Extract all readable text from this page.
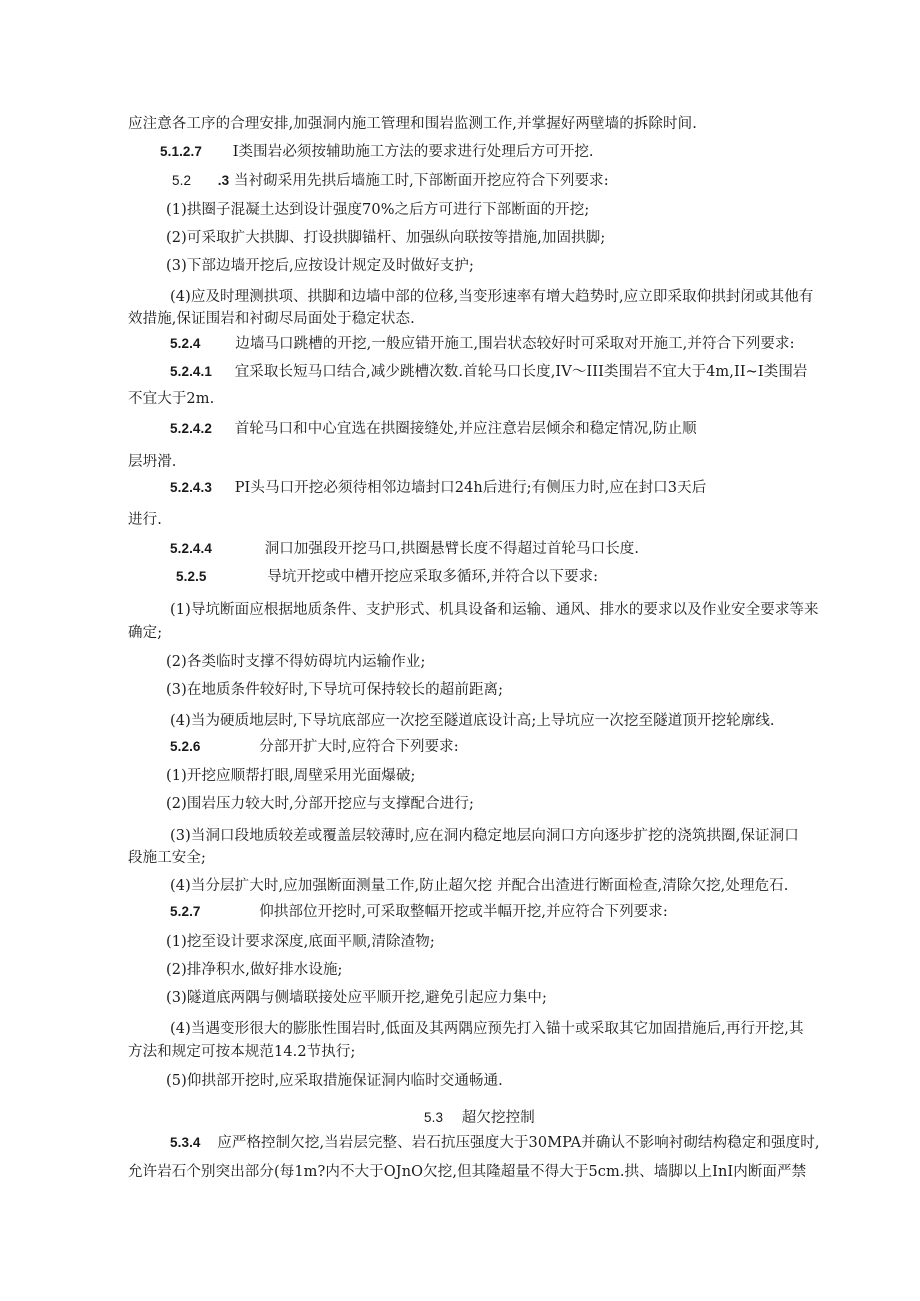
应注意各工序的合理安排,加强洞内施工管理和围岩监测工作,并掌握好两壁墙的拆除时间.
5.1.2.7 I类围岩必须按辅助施工方法的要求进行处理后方可开挖.
5.2 .3 当衬砌采用先拱后墙施工时,下部断面开挖应符合下列要求:
(1)拱圈子混凝土达到设计强度70%之后方可进行下部断面的开挖;
(2)可采取扩大拱脚、打设拱脚锚杆、加强纵向联按等措施,加固拱脚;
(3)下部边墙开挖后,应按设计规定及时做好支护;
(4)应及时理测拱项、拱脚和边墙中部的位移,当变形速率有增大趋势时,应立即采取仰拱封闭或其他有
效措施,保证围岩和衬砌尽局面处于稳定状态.
5.2.4 边墙马口跳槽的开挖,一般应错开施工,围岩状态较好时可采取对开施工,并符合下列要求:
5.2.4.1 宜采取长短马口结合,减少跳槽次数.首轮马口长度,IV～III类围岩不宜大于4m,II~I类围岩
不宜大于2m.
5.2.4.2 首轮马口和中心宜选在拱圈接缝处,并应注意岩层倾余和稳定情况,防止顺
层坍滑.
5.2.4.3 PI头马口开挖必须待相邻边墙封口24h后进行;有侧压力时,应在封口3天后
进行.
5.2.4.4	洞口加强段开挖马口,拱圈悬臂长度不得超过首轮马口长度.
5.2.5	导坑开挖或中槽开挖应采取多循环,并符合以下要求:
(1)导坑断面应根据地质条件、支护形式、机具设备和运输、通风、排水的要求以及作业安全要求等来
确定;
(2)各类临时支撑不得妨碍坑内运输作业;
(3)在地质条件较好时,下导坑可保持较长的超前距离;
(4)当为硬质地层时,下导坑底部应一次挖至隧道底设计高;上导坑应一次挖至隧道顶开挖轮廓线.
5.2.6	分部开扩大时,应符合下列要求:
(1)开挖应顺帮打眼,周壁采用光面爆破;
(2)围岩压力较大时,分部开挖应与支撑配合进行;
(3)当洞口段地质较差或覆盖层较薄时,应在洞内稳定地层向洞口方向逐步扩挖的浇筑拱圈,保证洞口
段施工安全;
(4)当分层扩大时,应加强断面测量工作,防止超欠挖 并配合出渣进行断面检查,清除欠挖,处理危石.
5.2.7	仰拱部位开挖时,可采取整幅开挖或半幅开挖,并应符合下列要求:
(1)挖至设计要求深度,底面平顺,清除渣物;
(2)排净积水,做好排水设施;
(3)隧道底两隅与侧墙联接处应平顺开挖,避免引起应力集中;
(4)当遇变形很大的膨胀性围岩时,低面及其两隅应预先打入锚十或采取其它加固措施后,再行开挖,其
方法和规定可按本规范14.2节执行;
(5)仰拱部开挖时,应采取措施保证洞内临时交通畅通.
5.3 超欠挖控制
5.3.4 应严格控制欠挖,当岩层完整、岩石抗压强度大于30MPA并确认不影响衬砌结构稳定和强度时,
允许岩石个别突出部分(每1m?内不大于OJnO欠挖,但其隆超量不得大于5cm.拱、墙脚以上InI内断面严禁
